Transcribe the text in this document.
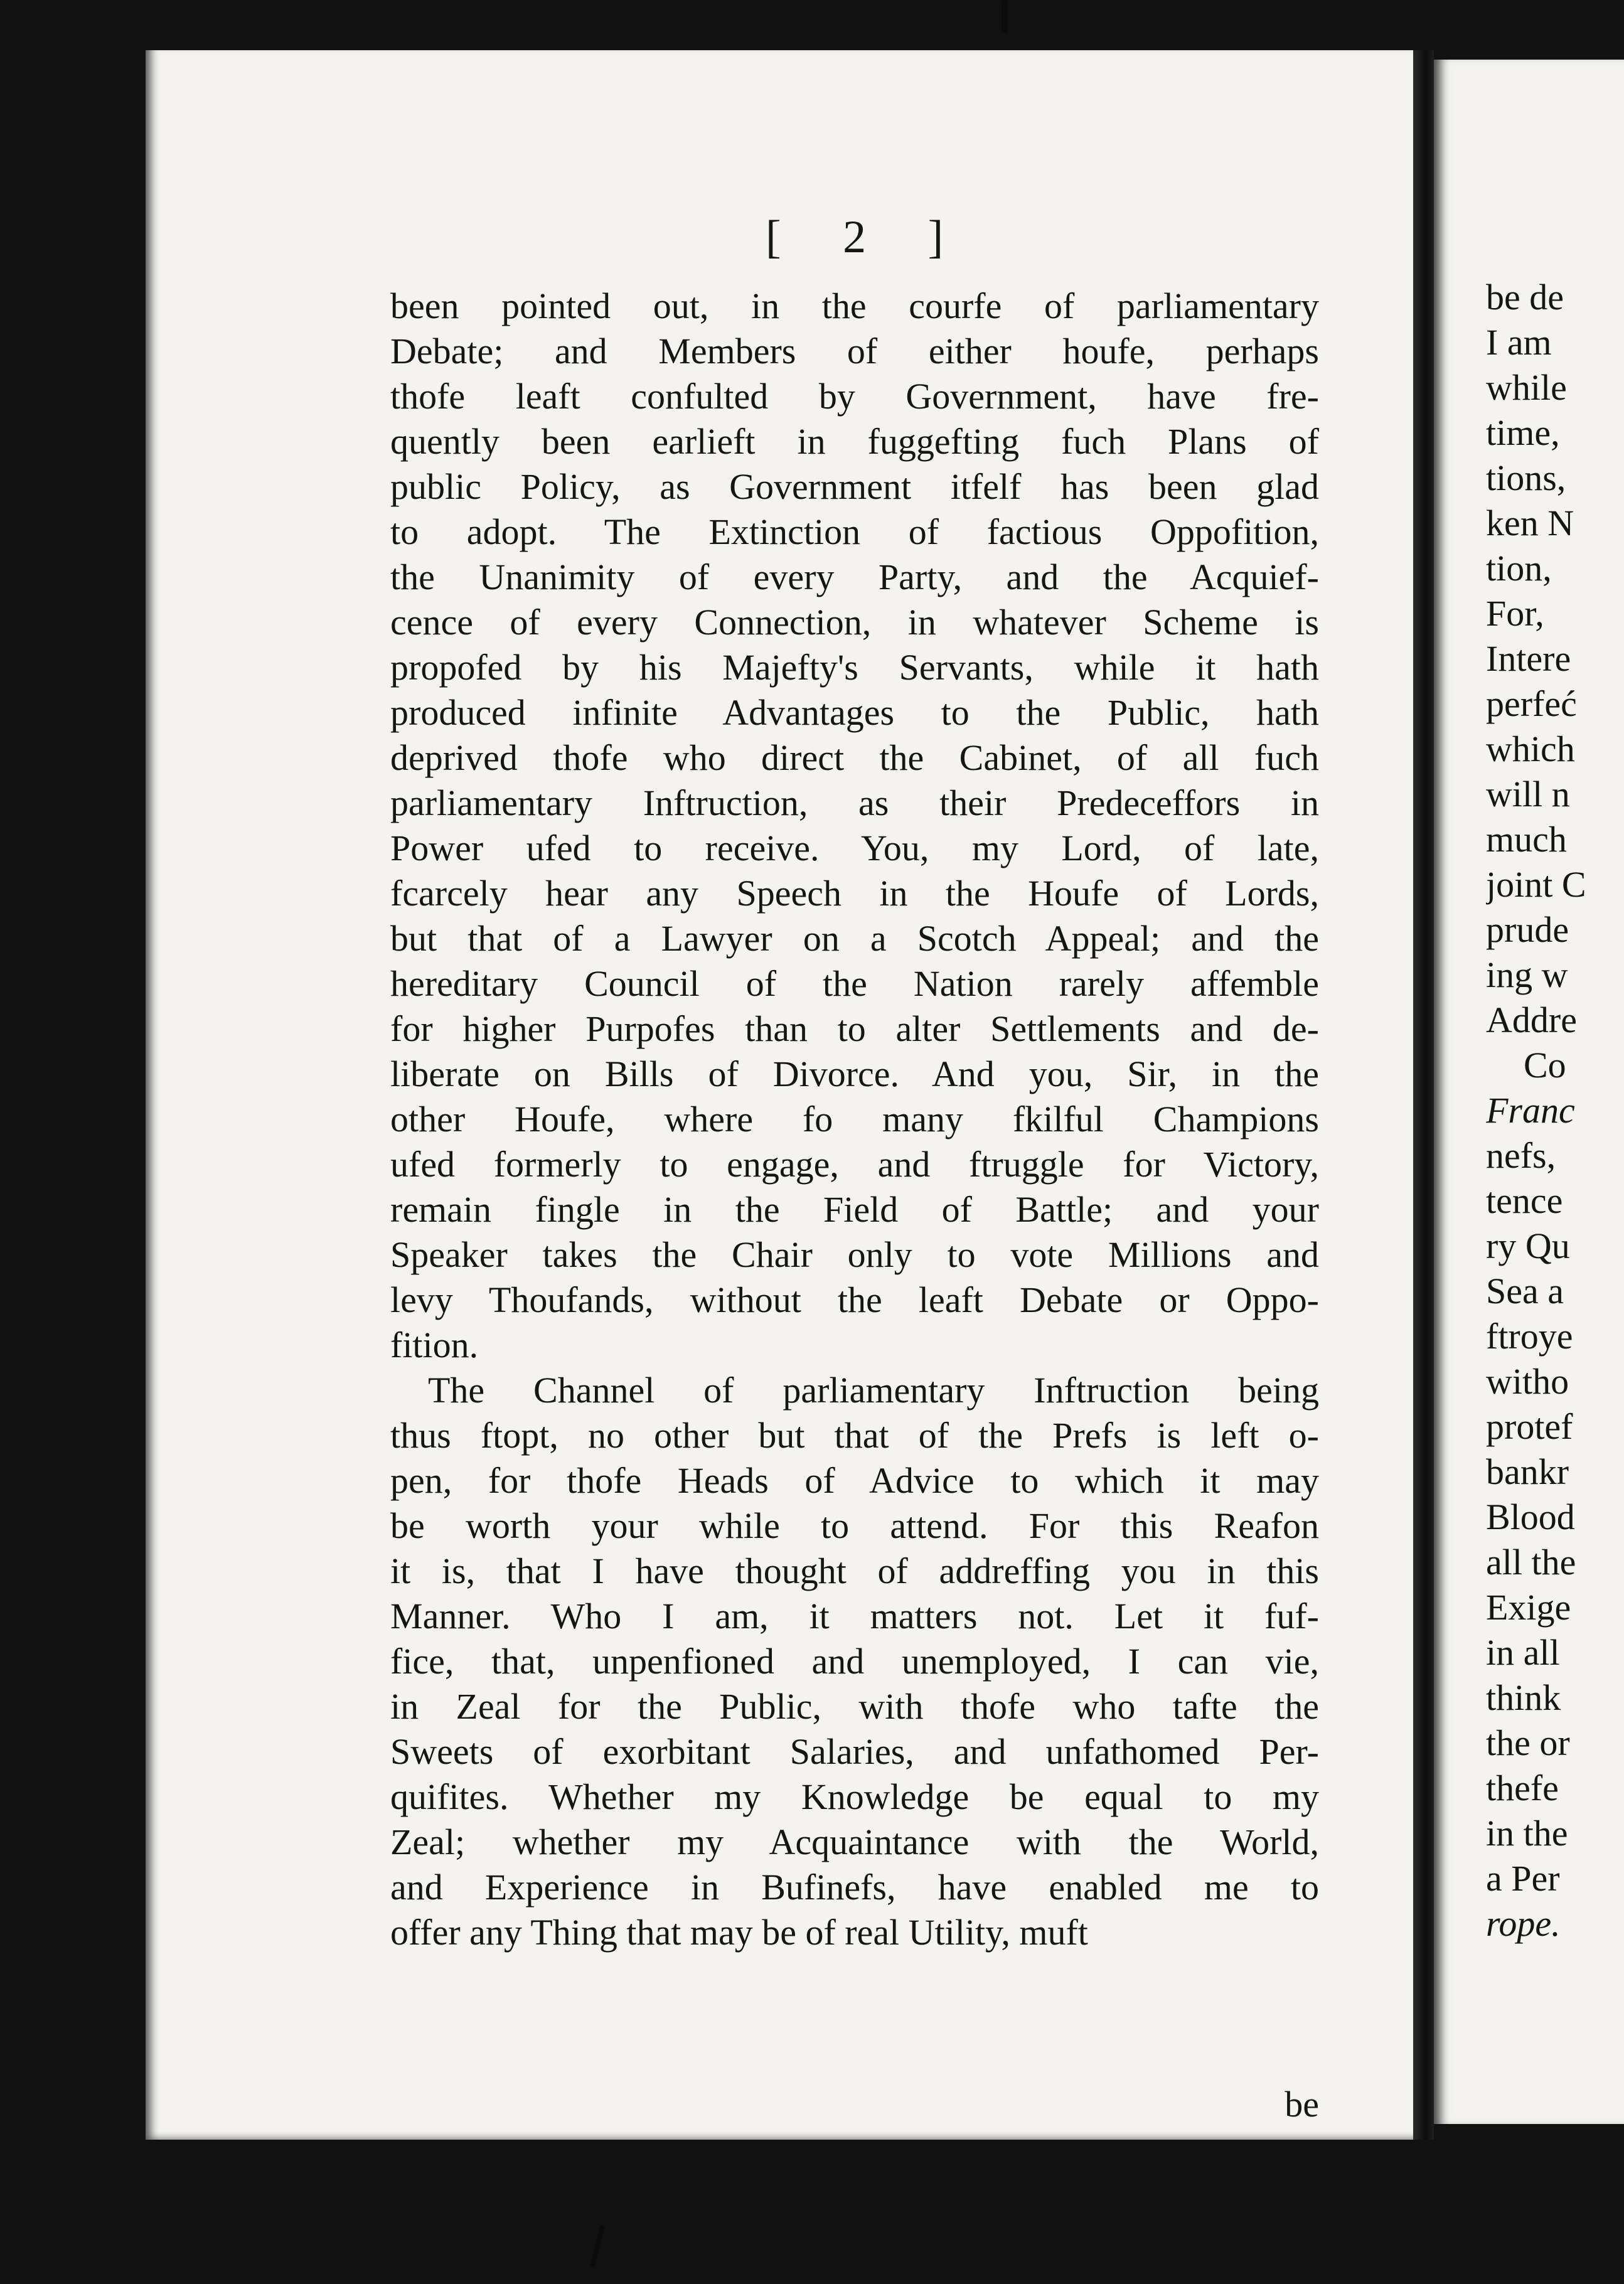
[ 2 ]
been pointed out, in the courfe of parliamentary
Debate; and Members of either houfe, perhaps
thofe leaft confulted by Government, have fre-
quently been earlieft in fuggefting fuch Plans of
public Policy, as Government itfelf has been glad
to adopt. The Extinction of factious Oppofition,
the Unanimity of every Party, and the Acquief-
cence of every Connection, in whatever Scheme is
propofed by his Majefty's Servants, while it hath
produced infinite Advantages to the Public, hath
deprived thofe who direct the Cabinet, of all fuch
parliamentary Inftruction, as their Predeceffors in
Power ufed to receive. You, my Lord, of late,
fcarcely hear any Speech in the Houfe of Lords,
but that of a Lawyer on a Scotch Appeal; and the
hereditary Council of the Nation rarely affemble
for higher Purpofes than to alter Settlements and de-
liberate on Bills of Divorce. And you, Sir, in the
other Houfe, where fo many fkilful Champions
ufed formerly to engage, and ftruggle for Victory,
remain fingle in the Field of Battle; and your
Speaker takes the Chair only to vote Millions and
levy Thoufands, without the leaft Debate or Oppo-
fition.
The Channel of parliamentary Inftruction being
thus ftopt, no other but that of the Prefs is left o-
pen, for thofe Heads of Advice to which it may
be worth your while to attend. For this Reafon
it is, that I have thought of addreffing you in this
Manner. Who I am, it matters not. Let it fuf-
fice, that, unpenfioned and unemployed, I can vie,
in Zeal for the Public, with thofe who tafte the
Sweets of exorbitant Salaries, and unfathomed Per-
quifites. Whether my Knowledge be equal to my
Zeal; whether my Acquaintance with the World,
and Experience in Bufinefs, have enabled me to
offer any Thing that may be of real Utility, muft
be
be de
I am
while
time,
tions,
ken N
tion,
For,
Intere
perfeć
which
will n
much
joint C
prude
ing w
Addre
Co
Franc
nefs,
tence
ry Qu
Sea a
ftroye
witho
protef
bankr
Blood
all the
Exige
in all
think
the or
thefe
in the
a Per
rope.
